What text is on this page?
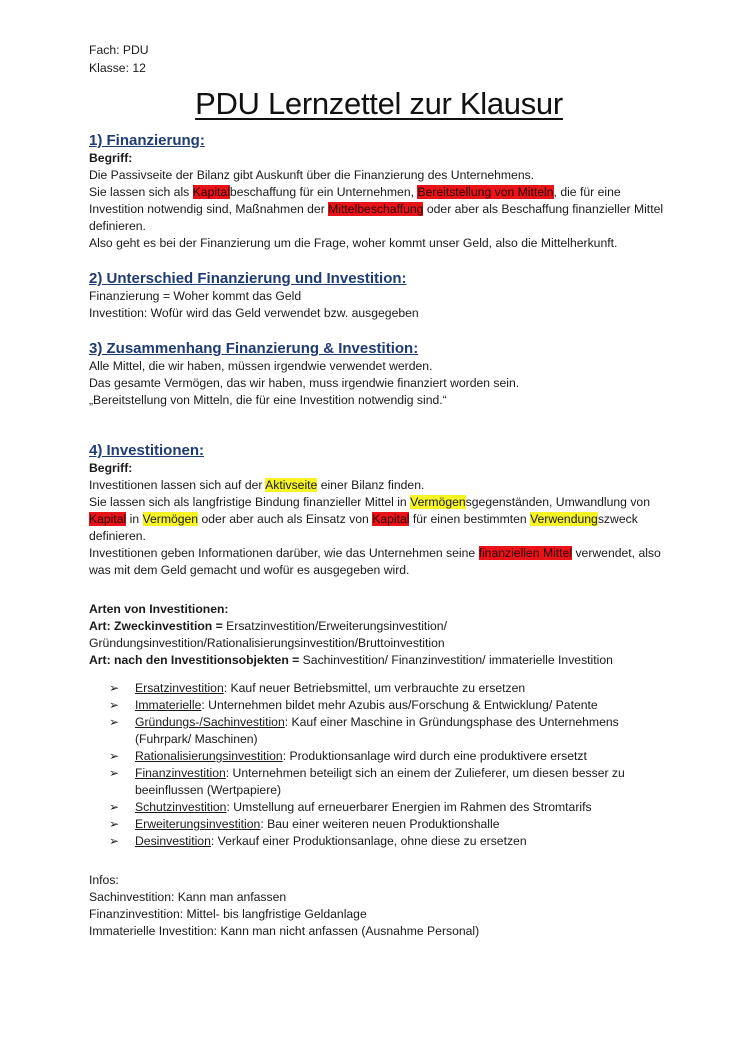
Fach: PDU

Klasse: 12

PDU Lernzettel zur Klausur

1) Finanzierung:

Begriff:

Die Passivseite der Bilanz gibt Auskunft über die Finanzierung des Unternehmens.

Sie lassen sich als Kapitalbeschaffung für ein Unternehmen, Bereitstellung von Mitteln, die für eine Investition notwendig sind, Maßnahmen der Mittelbeschaffung oder aber als Beschaffung finanzieller Mittel definieren.

Also geht es bei der Finanzierung um die Frage, woher kommt unser Geld, also die Mittelherkunft.

2) Unterschied Finanzierung und Investition:

Finanzierung = Woher kommt das Geld

Investition: Wofür wird das Geld verwendet bzw. ausgegeben

3) Zusammenhang Finanzierung & Investition:

Alle Mittel, die wir haben, müssen irgendwie verwendet werden.

Das gesamte Vermögen, das wir haben, muss irgendwie finanziert worden sein.

„Bereitstellung von Mitteln, die für eine Investition notwendig sind.“

4) Investitionen:

Begriff:

Investitionen lassen sich auf der Aktivseite einer Bilanz finden.

Sie lassen sich als langfristige Bindung finanzieller Mittel in Vermögensgegenständen, Umwandlung von Kapital in Vermögen oder aber auch als Einsatz von Kapital für einen bestimmten Verwendungszweck definieren.

Investitionen geben Informationen darüber, wie das Unternehmen seine finanziellen Mittel verwendet, also was mit dem Geld gemacht und wofür es ausgegeben wird.

Arten von Investitionen:

Art: Zweckinvestition = Ersatzinvestition/Erweiterungsinvestition/ Gründungsinvestition/Rationalisierungsinvestition/Bruttoinvestition

Art: nach den Investitionsobjekten = Sachinvestition/ Finanzinvestition/ immaterielle Investition

➢ Ersatzinvestition: Kauf neuer Betriebsmittel, um verbrauchte zu ersetzen
➢ Immaterielle: Unternehmen bildet mehr Azubis aus/Forschung & Entwicklung/ Patente
➢ Gründungs-/Sachinvestition: Kauf einer Maschine in Gründungsphase des Unternehmens (Fuhrpark/ Maschinen)
➢ Rationalisierungsinvestition: Produktionsanlage wird durch eine produktivere ersetzt
➢ Finanzinvestition: Unternehmen beteiligt sich an einem der Zulieferer, um diesen besser zu beeinflussen (Wertpapiere)
➢ Schutzinvestition: Umstellung auf erneuerbarer Energien im Rahmen des Stromtarifs
➢ Erweiterungsinvestition: Bau einer weiteren neuen Produktionshalle
➢ Desinvestition: Verkauf einer Produktionsanlage, ohne diese zu ersetzen

Infos:

Sachinvestition: Kann man anfassen

Finanzinvestition: Mittel- bis langfristige Geldanlage

Immaterielle Investition: Kann man nicht anfassen (Ausnahme Personal)
